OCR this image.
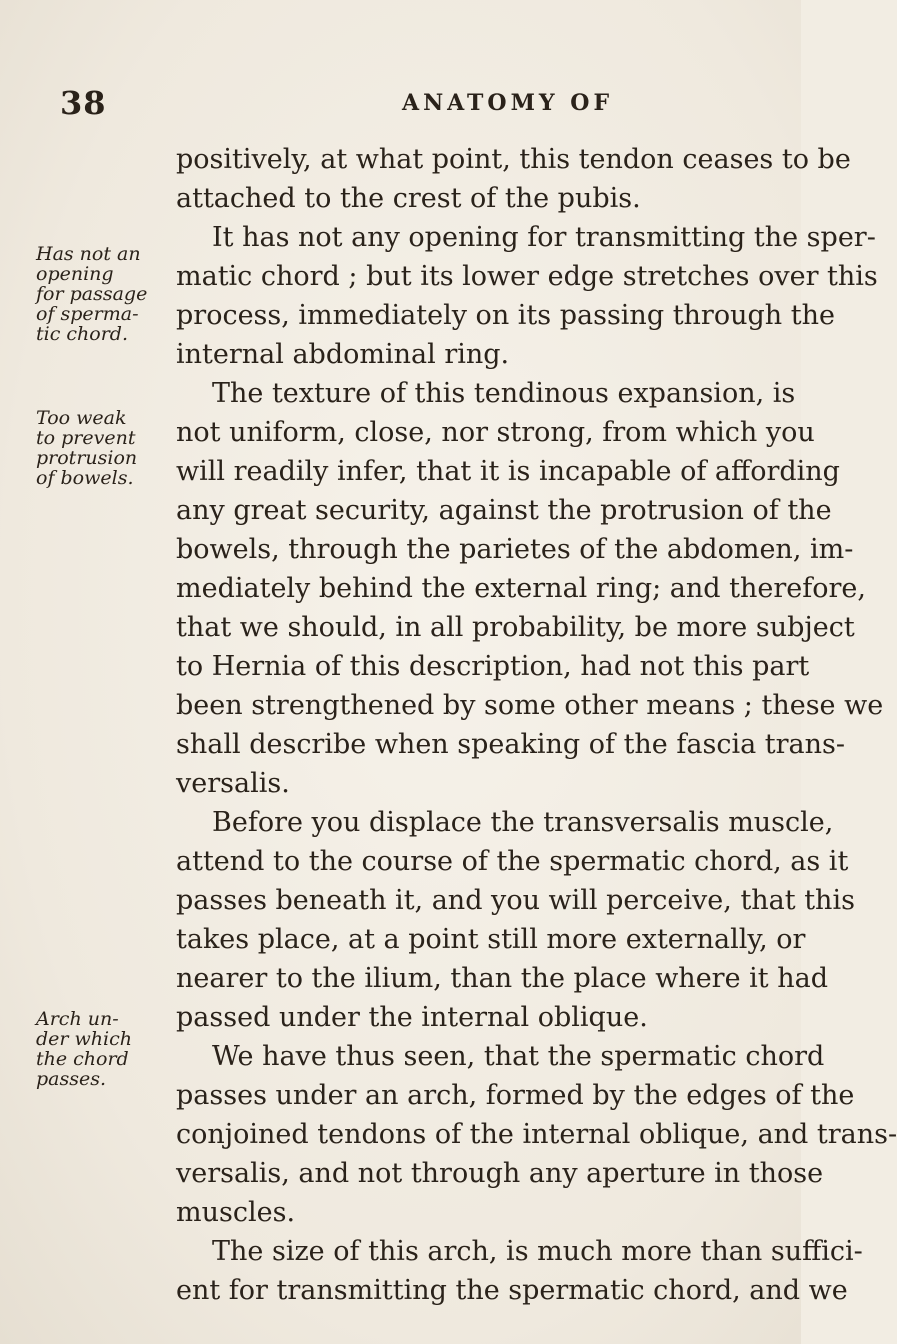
38	ANATOMY OF
Has not an
opening
for passage
of sperma-
tic chord.
Too weak
to prevent
protrusion
of bowels.
Arch un-
der which
the chord
passes.
positively, at what point, this tendon ceases to be
attached to the crest of the pubis.
It has not any opening for transmitting the sper-
matic chord ; but its lower edge stretches over this
process, immediately on its passing through the
internal abdominal ring.
The texture of this tendinous expansion, is
not uniform, close, nor strong, from which you
will readily infer, that it is incapable of affording
any great security, against the protrusion of the
bowels, through the parietes of the abdomen, im-
mediately behind the external ring; and therefore,
that we should, in all probability, be more subject
to Hernia of this description, had not this part
been strengthened by some other means ; these we
shall describe when speaking of the fascia trans-
versalis.
Before you displace the transversalis muscle,
attend to the course of the spermatic chord, as it
passes beneath it, and you will perceive, that this
takes place, at a point still more externally, or
nearer to the ilium, than the place where it had
passed under the internal oblique.
We have thus seen, that the spermatic chord
passes under an arch, formed by the edges of the
conjoined tendons of the internal oblique, and trans-
versalis, and not through any aperture in those
muscles.
The size of this arch, is much more than suffici-
ent for transmitting the spermatic chord, and we
